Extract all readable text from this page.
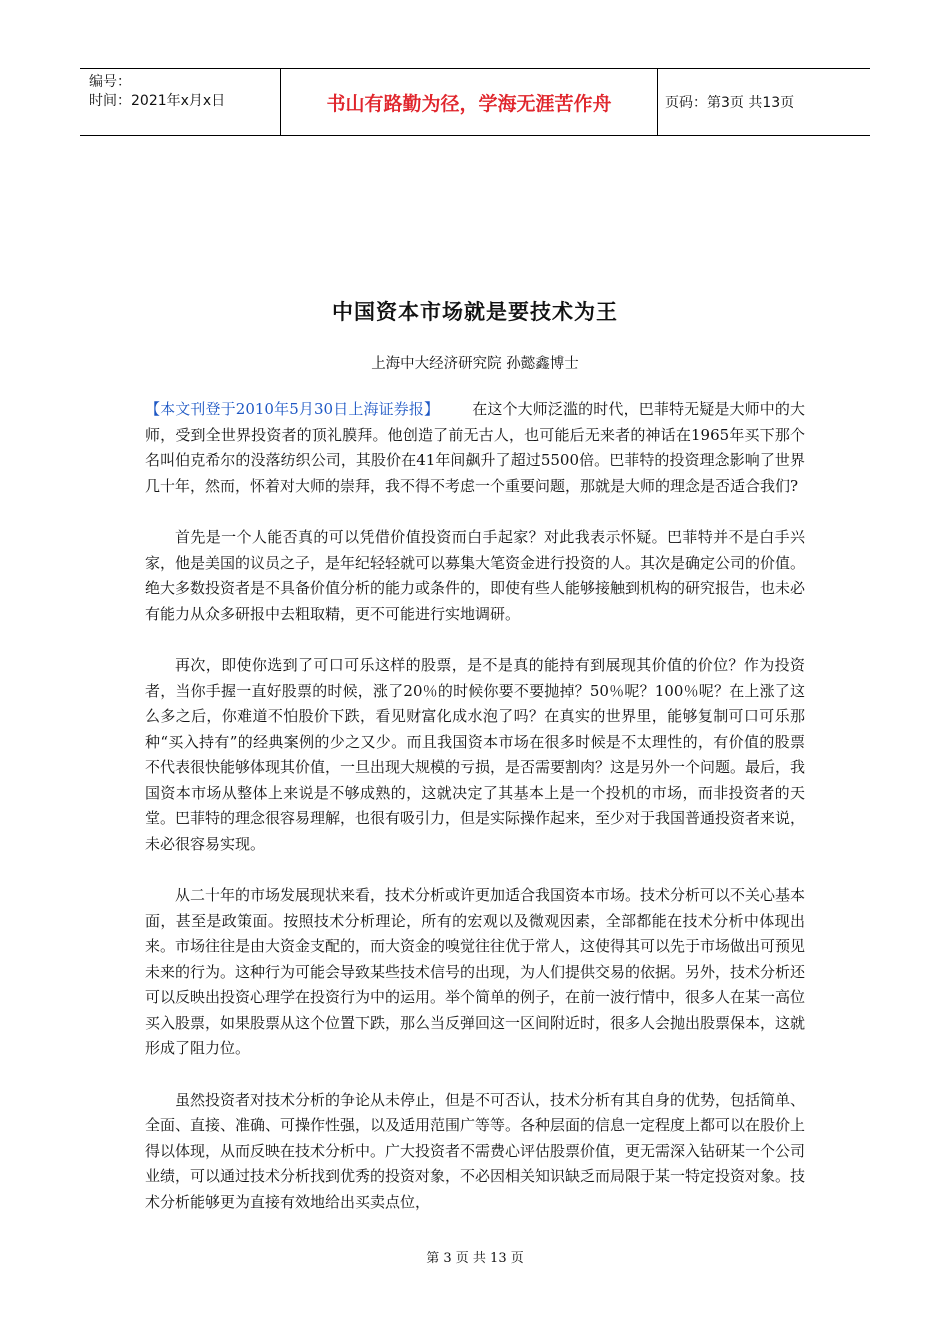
编号：
时间：2021年x月x日	书山有路勤为径，学海无涯苦作舟	页码：第3页 共13页
中国资本市场就是要技术为王
上海中大经济研究院 孙懿鑫博士

【本文刊登于2010年5月30日上海证券报】 在这个大师泛滥的时代，巴菲特无疑是大师中的大师，受到全世界投资者的顶礼膜拜。他创造了前无古人，也可能后无来者的神话在1965年买下那个名叫伯克希尔的没落纺织公司，其股价在41年间飙升了超过5500倍。巴菲特的投资理念影响了世界几十年，然而，怀着对大师的崇拜，我不得不考虑一个重要问题，那就是大师的理念是否适合我们?

首先是一个人能否真的可以凭借价值投资而白手起家？对此我表示怀疑。巴菲特并不是白手兴家，他是美国的议员之子，是年纪轻轻就可以募集大笔资金进行投资的人。其次是确定公司的价值。绝大多数投资者是不具备价值分析的能力或条件的，即使有些人能够接触到机构的研究报告，也未必有能力从众多研报中去粗取精，更不可能进行实地调研。

再次，即使你选到了可口可乐这样的股票，是不是真的能持有到展现其价值的价位？作为投资者，当你手握一直好股票的时候，涨了20％的时候你要不要抛掉？50％呢？100％呢？在上涨了这么多之后，你难道不怕股价下跌，看见财富化成水泡了吗？在真实的世界里，能够复制可口可乐那种“买入持有”的经典案例的少之又少。而且我国资本市场在很多时候是不太理性的，有价值的股票不代表很快能够体现其价值，一旦出现大规模的亏损，是否需要割肉？这是另外一个问题。最后，我国资本市场从整体上来说是不够成熟的，这就决定了其基本上是一个投机的市场，而非投资者的天堂。巴菲特的理念很容易理解，也很有吸引力，但是实际操作起来，至少对于我国普通投资者来说，未必很容易实现。

从二十年的市场发展现状来看，技术分析或许更加适合我国资本市场。技术分析可以不关心基本面，甚至是政策面。按照技术分析理论，所有的宏观以及微观因素，全部都能在技术分析中体现出来。市场往往是由大资金支配的，而大资金的嗅觉往往优于常人，这使得其可以先于市场做出可预见未来的行为。这种行为可能会导致某些技术信号的出现，为人们提供交易的依据。另外，技术分析还可以反映出投资心理学在投资行为中的运用。举个简单的例子，在前一波行情中，很多人在某一高位买入股票，如果股票从这个位置下跌，那么当反弹回这一区间附近时，很多人会抛出股票保本，这就形成了阻力位。

虽然投资者对技术分析的争论从未停止，但是不可否认，技术分析有其自身的优势，包括简单、全面、直接、准确、可操作性强，以及适用范围广等等。各种层面的信息一定程度上都可以在股价上得以体现，从而反映在技术分析中。广大投资者不需费心评估股票价值，更无需深入钻研某一个公司业绩，可以通过技术分析找到优秀的投资对象，不必因相关知识缺乏而局限于某一特定投资对象。技术分析能够更为直接有效地给出买卖点位，

第 3 页 共 13 页
